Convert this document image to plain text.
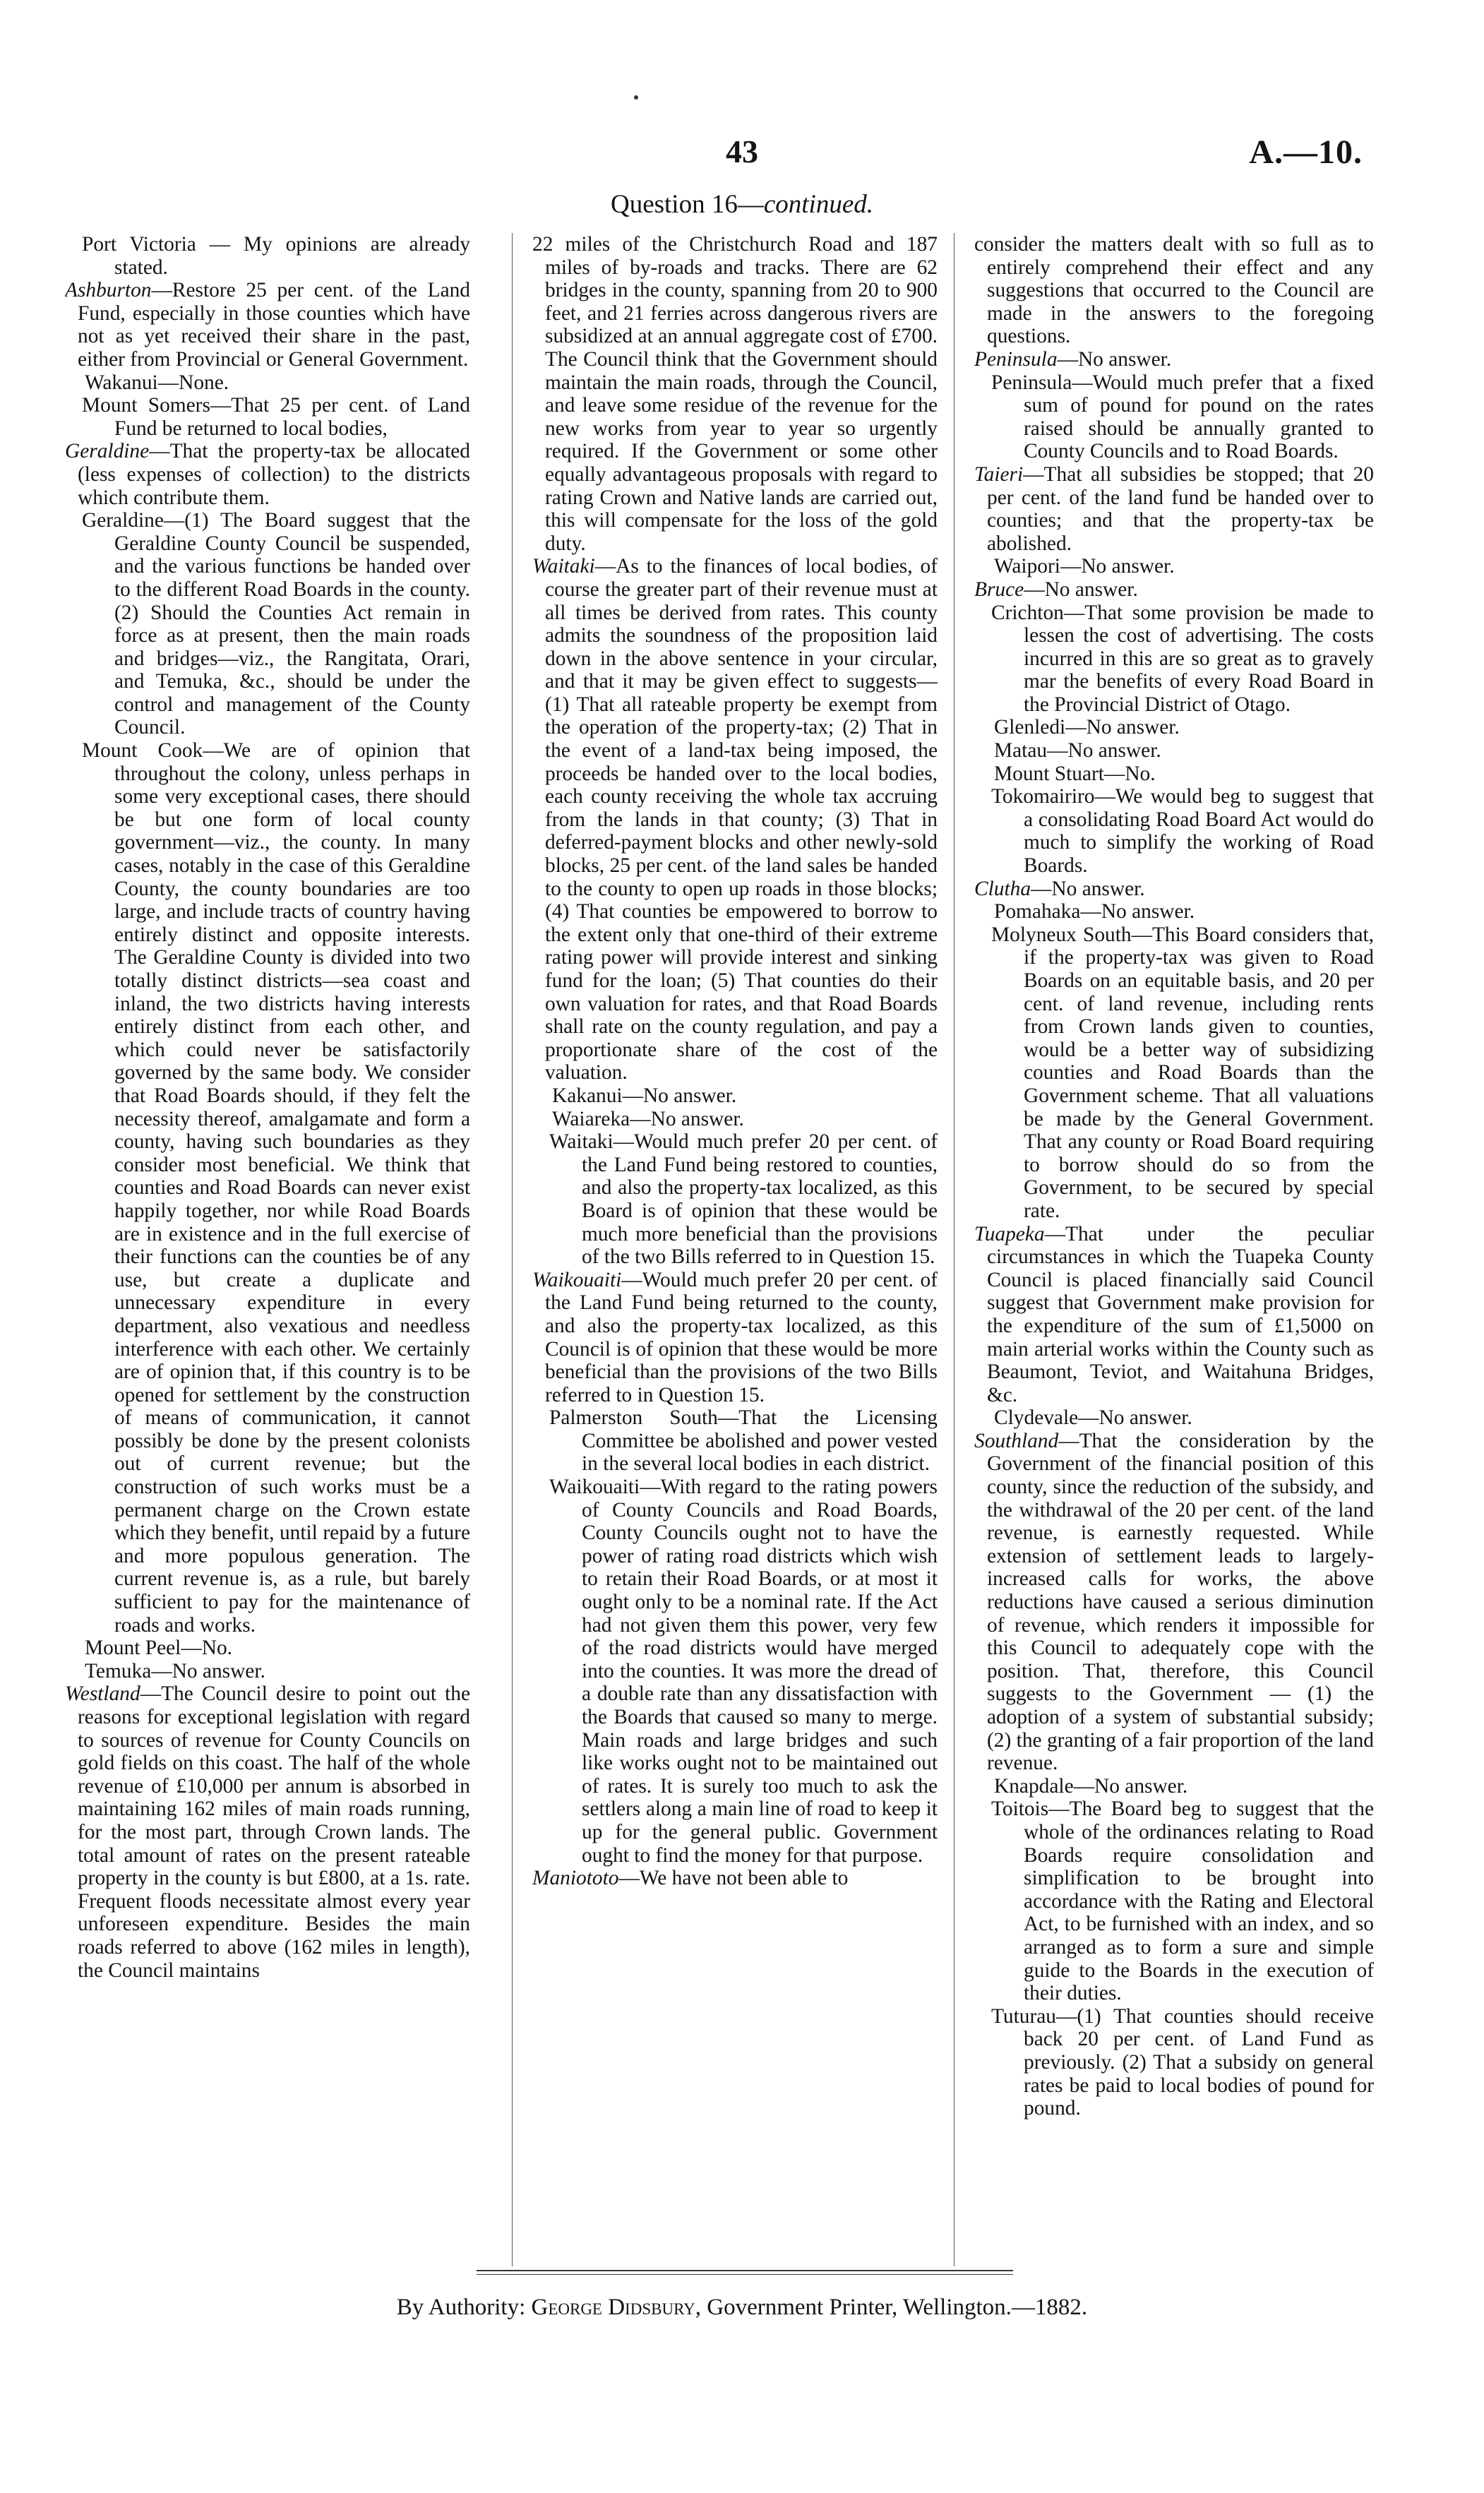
43	A.—10.
Question 16—continued.

Port Victoria — My opinions are already stated.

Ashburton—Restore 25 per cent. of the Land Fund, especially in those counties which have not as yet received their share in the past, either from Provincial or General Government.

Wakanui—None.

Mount Somers—That 25 per cent. of Land Fund be returned to local bodies,

Geraldine—That the property-tax be allocated (less expenses of collection) to the districts which contribute them.

Geraldine—(1) The Board suggest that the Geraldine County Council be suspended, and the various functions be handed over to the different Road Boards in the county. (2) Should the Counties Act remain in force as at present, then the main roads and bridges—viz., the Rangitata, Orari, and Temuka, &c., should be under the control and management of the County Council.

Mount Cook—We are of opinion that throughout the colony, unless perhaps in some very exceptional cases, there should be but one form of local county government—viz., the county. In many cases, notably in the case of this Geraldine County, the county boundaries are too large, and include tracts of country having entirely distinct and opposite interests. The Geraldine County is divided into two totally distinct districts—sea coast and inland, the two districts having interests entirely distinct from each other, and which could never be satisfactorily governed by the same body. We consider that Road Boards should, if they felt the necessity thereof, amalgamate and form a county, having such boundaries as they consider most beneficial. We think that counties and Road Boards can never exist happily together, nor while Road Boards are in existence and in the full exercise of their functions can the counties be of any use, but create a duplicate and unnecessary expenditure in every department, also vexatious and needless interference with each other. We certainly are of opinion that, if this country is to be opened for settlement by the construction of means of communication, it cannot possibly be done by the present colonists out of current revenue; but the construction of such works must be a permanent charge on the Crown estate which they benefit, until repaid by a future and more populous generation. The current revenue is, as a rule, but barely sufficient to pay for the maintenance of roads and works.

Mount Peel—No.

Temuka—No answer.

Westland—The Council desire to point out the reasons for exceptional legislation with regard to sources of revenue for County Councils on gold fields on this coast. The half of the whole revenue of £10,000 per annum is absorbed in maintaining 162 miles of main roads running, for the most part, through Crown lands. The total amount of rates on the present rateable property in the county is but £800, at a 1s. rate. Frequent floods necessitate almost every year unforeseen expenditure. Besides the main roads referred to above (162 miles in length), the Council maintains

22 miles of the Christchurch Road and 187 miles of by-roads and tracks. There are 62 bridges in the county, spanning from 20 to 900 feet, and 21 ferries across dangerous rivers are subsidized at an annual aggregate cost of £700. The Council think that the Government should maintain the main roads, through the Council, and leave some residue of the revenue for the new works from year to year so urgently required. If the Government or some other equally advantageous proposals with regard to rating Crown and Native lands are carried out, this will compensate for the loss of the gold duty.

Waitaki—As to the finances of local bodies, of course the greater part of their revenue must at all times be derived from rates. This county admits the soundness of the proposition laid down in the above sentence in your circular, and that it may be given effect to suggests—(1) That all rateable property be exempt from the operation of the property-tax; (2) That in the event of a land-tax being imposed, the proceeds be handed over to the local bodies, each county receiving the whole tax accruing from the lands in that county; (3) That in deferred-payment blocks and other newly-sold blocks, 25 per cent. of the land sales be handed to the county to open up roads in those blocks; (4) That counties be empowered to borrow to the extent only that one-third of their extreme rating power will provide interest and sinking fund for the loan; (5) That counties do their own valuation for rates, and that Road Boards shall rate on the county regulation, and pay a proportionate share of the cost of the valuation.

Kakanui—No answer.

Waiareka—No answer.

Waitaki—Would much prefer 20 per cent. of the Land Fund being restored to counties, and also the property-tax localized, as this Board is of opinion that these would be much more beneficial than the provisions of the two Bills referred to in Question 15.

Waikouaiti—Would much prefer 20 per cent. of the Land Fund being returned to the county, and also the property-tax localized, as this Council is of opinion that these would be more beneficial than the provisions of the two Bills referred to in Question 15.

Palmerston South—That the Licensing Committee be abolished and power vested in the several local bodies in each district.

Waikouaiti—With regard to the rating powers of County Councils and Road Boards, County Councils ought not to have the power of rating road districts which wish to retain their Road Boards, or at most it ought only to be a nominal rate. If the Act had not given them this power, very few of the road districts would have merged into the counties. It was more the dread of a double rate than any dissatisfaction with the Boards that caused so many to merge. Main roads and large bridges and such like works ought not to be maintained out of rates. It is surely too much to ask the settlers along a main line of road to keep it up for the general public. Government ought to find the money for that purpose.

Maniototo—We have not been able to

consider the matters dealt with so full as to entirely comprehend their effect and any suggestions that occurred to the Council are made in the answers to the foregoing questions.

Peninsula—No answer.

Peninsula—Would much prefer that a fixed sum of pound for pound on the rates raised should be annually granted to County Councils and to Road Boards.

Taieri—That all subsidies be stopped; that 20 per cent. of the land fund be handed over to counties; and that the property-tax be abolished.

Waipori—No answer.

Bruce—No answer.

Crichton—That some provision be made to lessen the cost of advertising. The costs incurred in this are so great as to gravely mar the benefits of every Road Board in the Provincial District of Otago.

Glenledi—No answer.

Matau—No answer.

Mount Stuart—No.

Tokomairiro—We would beg to suggest that a consolidating Road Board Act would do much to simplify the working of Road Boards.

Clutha—No answer.

Pomahaka—No answer.

Molyneux South—This Board considers that, if the property-tax was given to Road Boards on an equitable basis, and 20 per cent. of land revenue, including rents from Crown lands given to counties, would be a better way of subsidizing counties and Road Boards than the Government scheme. That all valuations be made by the General Government. That any county or Road Board requiring to borrow should do so from the Government, to be secured by special rate.

Tuapeka—That under the peculiar circumstances in which the Tuapeka County Council is placed financially said Council suggest that Government make provision for the expenditure of the sum of £1,5000 on main arterial works within the County such as Beaumont, Teviot, and Waitahuna Bridges, &c.

Clydevale—No answer.

Southland—That the consideration by the Government of the financial position of this county, since the reduction of the subsidy, and the withdrawal of the 20 per cent. of the land revenue, is earnestly requested. While extension of settlement leads to largely-increased calls for works, the above reductions have caused a serious diminution of revenue, which renders it impossible for this Council to adequately cope with the position. That, therefore, this Council suggests to the Government — (1) the adoption of a system of substantial subsidy; (2) the granting of a fair proportion of the land revenue.

Knapdale—No answer.

Toitois—The Board beg to suggest that the whole of the ordinances relating to Road Boards require consolidation and simplification to be brought into accordance with the Rating and Electoral Act, to be furnished with an index, and so arranged as to form a sure and simple guide to the Boards in the execution of their duties.

Tuturau—(1) That counties should receive back 20 per cent. of Land Fund as previously. (2) That a subsidy on general rates be paid to local bodies of pound for pound.

By Authority: George Didsbury, Government Printer, Wellington.—1882.
